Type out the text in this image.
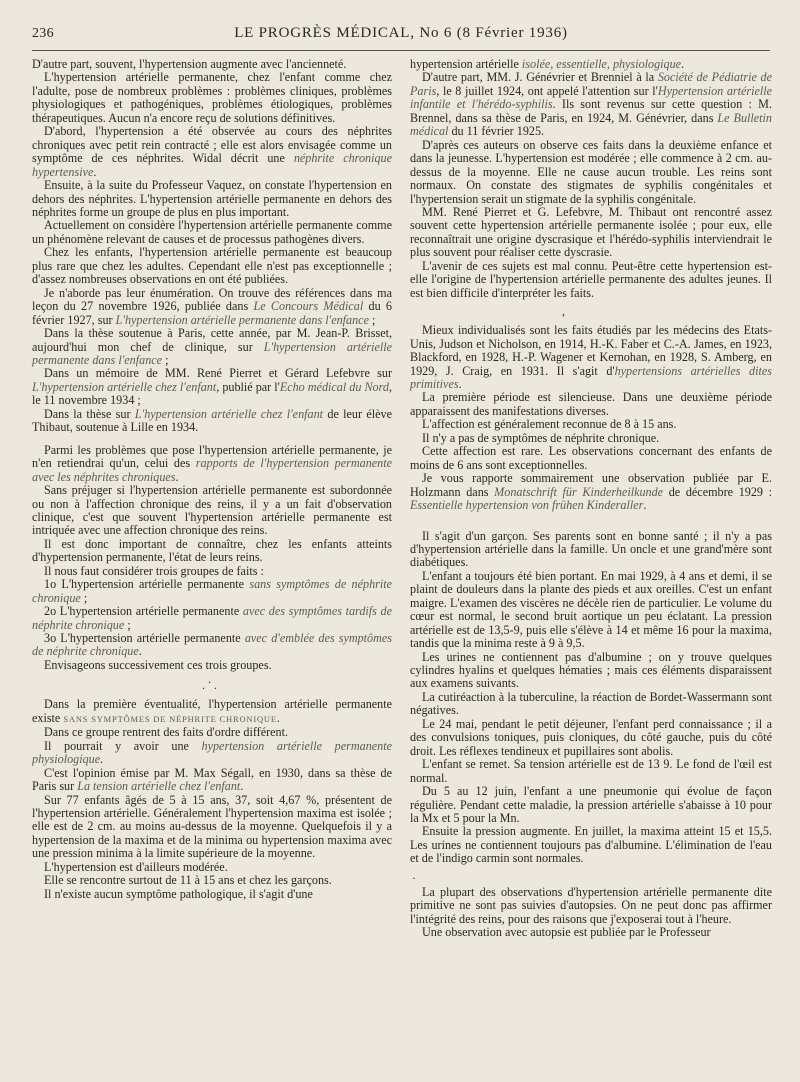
236	LE PROGRÈS MÉDICAL, No 6 (8 Février 1936)

D'autre part, souvent, l'hypertension augmente avec l'ancienneté.

L'hypertension artérielle permanente, chez l'enfant comme chez l'adulte, pose de nombreux problèmes : problèmes cliniques, problèmes physiologiques et pathogéniques, problèmes étiologiques, problèmes thérapeutiques. Aucun n'a encore reçu de solutions définitives.

D'abord, l'hypertension a été observée au cours des néphrites chroniques avec petit rein contracté ; elle est alors envisagée comme un symptôme de ces néphrites. Widal décrit une néphrite chronique hypertensive.

Ensuite, à la suite du Professeur Vaquez, on constate l'hypertension en dehors des néphrites. L'hypertension artérielle permanente en dehors des néphrites forme un groupe de plus en plus important.

Actuellement on considère l'hypertension artérielle permanente comme un phénomène relevant de causes et de processus pathogènes divers.

Chez les enfants, l'hypertension artérielle permanente est beaucoup plus rare que chez les adultes. Cependant elle n'est pas exceptionnelle ; d'assez nombreuses observations en ont été publiées.

Je n'aborde pas leur énumération. On trouve des références dans ma leçon du 27 novembre 1926, publiée dans Le Concours Médical du 6 février 1927, sur L'hypertension artérielle permanente dans l'enfance ;

Dans la thèse soutenue à Paris, cette année, par M. Jean-P. Brisset, aujourd'hui mon chef de clinique, sur L'hypertension artérielle permanente dans l'enfance ;

Dans un mémoire de MM. René Pierret et Gérard Lefebvre sur L'hypertension artérielle chez l'enfant, publié par l'Echo médical du Nord, le 11 novembre 1934 ;

Dans la thèse sur L'hypertension artérielle chez l'enfant de leur élève Thibaut, soutenue à Lille en 1934.

Parmi les problèmes que pose l'hypertension artérielle permanente, je n'en retiendrai qu'un, celui des rapports de l'hypertension permanente avec les néphrites chroniques.

Sans préjuger si l'hypertension artérielle permanente est subordonnée ou non à l'affection chronique des reins, il y a un fait d'observation clinique, c'est que souvent l'hypertension artérielle permanente est intriquée avec une affection chronique des reins.

Il est donc important de connaître, chez les enfants atteints d'hypertension permanente, l'état de leurs reins.

Il nous faut considérer trois groupes de faits :

1o L'hypertension artérielle permanente sans symptômes de néphrite chronique ;

2o L'hypertension artérielle permanente avec des symptômes tardifs de néphrite chronique ;

3o L'hypertension artérielle permanente avec d'emblée des symptômes de néphrite chronique.

Envisageons successivement ces trois groupes.

.
. .

Dans la première éventualité, l'hypertension artérielle permanente existe SANS SYMPTÔMES DE NÉPHRITE CHRONIQUE.

Dans ce groupe rentrent des faits d'ordre différent.

Il pourrait y avoir une hypertension artérielle permanente physiologique.

C'est l'opinion émise par M. Max Ségall, en 1930, dans sa thèse de Paris sur La tension artérielle chez l'enfant.

Sur 77 enfants âgés de 5 à 15 ans, 37, soit 4,67 %, présentent de l'hypertension artérielle. Généralement l'hypertension maxima est isolée ; elle est de 2 cm. au moins au-dessus de la moyenne. Quelquefois il y a hypertension de la maxima et de la minima ou hypertension maxima avec une pression minima à la limite supérieure de la moyenne.

L'hypertension est d'ailleurs modérée.

Elle se rencontre surtout de 11 à 15 ans et chez les garçons.

Il n'existe aucun symptôme pathologique, il s'agit d'une

hypertension artérielle isolée, essentielle, physiologique.

D'autre part, MM. J. Génévrier et Brenniel à la Société de Pédiatrie de Paris, le 8 juillet 1924, ont appelé l'attention sur l'Hypertension artérielle infantile et l'hérédo-syphilis. Ils sont revenus sur cette question : M. Brennel, dans sa thèse de Paris, en 1924, M. Génévrier, dans Le Bulletin médical du 11 février 1925.

D'après ces auteurs on observe ces faits dans la deuxième enfance et dans la jeunesse. L'hypertension est modérée ; elle commence à 2 cm. au-dessus de la moyenne. Elle ne cause aucun trouble. Les reins sont normaux. On constate des stigmates de syphilis congénitales et l'hypertension serait un stigmate de la syphilis congénitale.

MM. René Pierret et G. Lefebvre, M. Thibaut ont rencontré assez souvent cette hypertension artérielle permanente isolée ; pour eux, elle reconnaîtrait une origine dyscrasique et l'hérédo-syphilis interviendrait le plus souvent pour réaliser cette dyscrasie.

L'avenir de ces sujets est mal connu. Peut-être cette hypertension est-elle l'origine de l'hypertension artérielle permanente des adultes jeunes. Il est bien difficile d'interpréter les faits.

,

Mieux individualisés sont les faits étudiés par les médecins des Etats-Unis, Judson et Nicholson, en 1914, H.-K. Faber et C.-A. James, en 1923, Blackford, en 1928, H.-P. Wagener et Kernohan, en 1928, S. Amberg, en 1929, J. Craig, en 1931. Il s'agit d'hypertensions artérielles dites primitives.

La première période est silencieuse. Dans une deuxième période apparaissent des manifestations diverses.

L'affection est généralement reconnue de 8 à 15 ans.

Il n'y a pas de symptômes de néphrite chronique.

Cette affection est rare. Les observations concernant des enfants de moins de 6 ans sont exceptionnelles.

Je vous rapporte sommairement une observation publiée par E. Holzmann dans Monatschrift für Kinderheilkunde de décembre 1929 : Essentielle hypertension von frühen Kinderaller.

Il s'agit d'un garçon. Ses parents sont en bonne santé ; il n'y a pas d'hypertension artérielle dans la famille. Un oncle et une grand'mère sont diabétiques.

L'enfant a toujours été bien portant. En mai 1929, à 4 ans et demi, il se plaint de douleurs dans la plante des pieds et aux oreilles. C'est un enfant maigre. L'examen des viscères ne décèle rien de particulier. Le volume du cœur est normal, le second bruit aortique un peu éclatant. La pression artérielle est de 13,5-9, puis elle s'élève à 14 et même 16 pour la maxima, tandis que la minima reste à 9 à 9,5.

Les urines ne contiennent pas d'albumine ; on y trouve quelques cylindres hyalins et quelques hématies ; mais ces éléments disparaissent aux examens suivants.

La cutiréaction à la tuberculine, la réaction de Bordet-Wassermann sont négatives.

Le 24 mai, pendant le petit déjeuner, l'enfant perd connaissance ; il a des convulsions toniques, puis cloniques, du côté gauche, puis du côté droit. Les réflexes tendineux et pupillaires sont abolis.

L'enfant se remet. Sa tension artérielle est de 13 9. Le fond de l'œil est normal.

Du 5 au 12 juin, l'enfant a une pneumonie qui évolue de façon régulière. Pendant cette maladie, la pression artérielle s'abaisse à 10 pour la Mx et 5 pour la Mn.

Ensuite la pression augmente. En juillet, la maxima atteint 15 et 15,5. Les urines ne contiennent toujours pas d'albumine. L'élimination de l'eau et de l'indigo carmin sont normales.

·

La plupart des observations d'hypertension artérielle permanente dite primitive ne sont pas suivies d'autopsies. On ne peut donc pas affirmer l'intégrité des reins, pour des raisons que j'exposerai tout à l'heure.

Une observation avec autopsie est publiée par le Professeur
